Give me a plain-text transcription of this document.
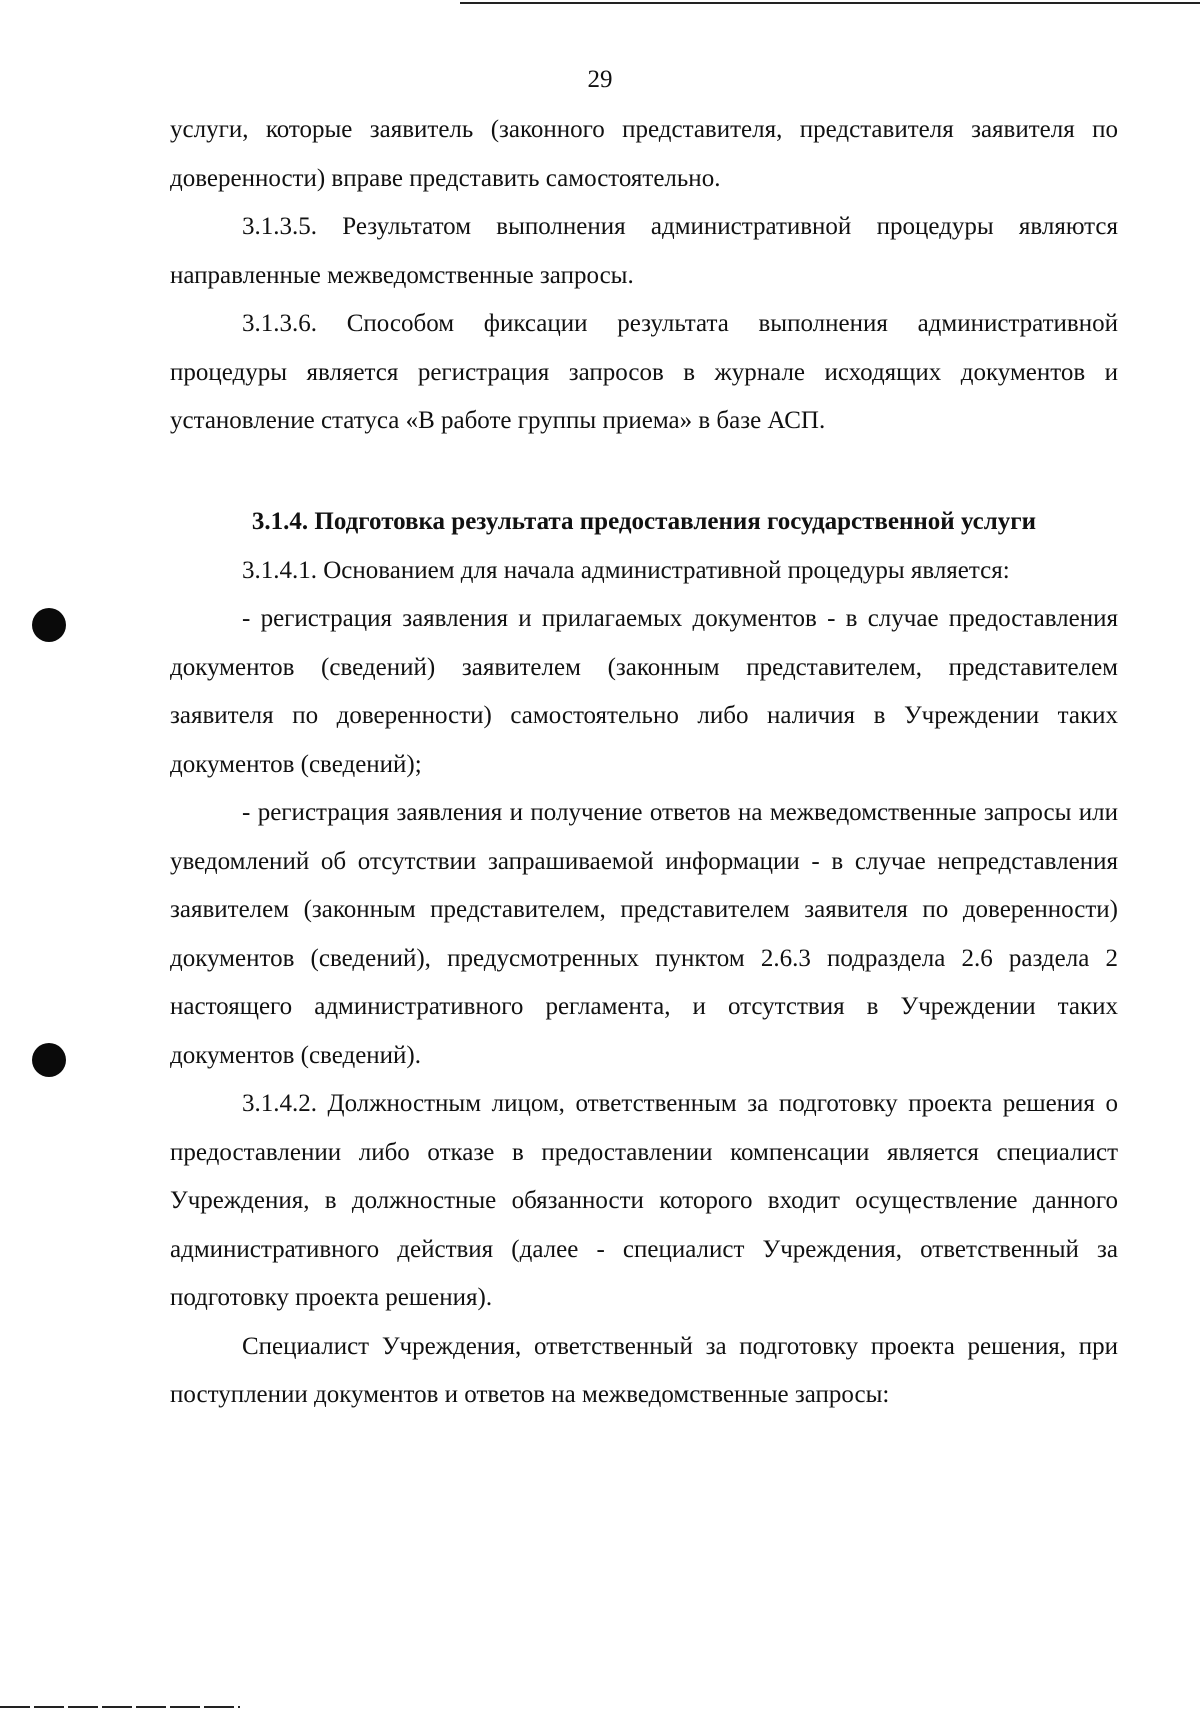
29

услуги, которые заявитель (законного представителя, представителя заявителя по доверенности) вправе представить самостоятельно.

3.1.3.5. Результатом выполнения административной процедуры являются направленные межведомственные запросы.

3.1.3.6. Способом фиксации результата выполнения административной процедуры является регистрация запросов в журнале исходящих документов и установление статуса «В работе группы приема» в базе АСП.

3.1.4. Подготовка результата предоставления государственной услуги

3.1.4.1. Основанием для начала административной процедуры является:

- регистрация заявления и прилагаемых документов - в случае предоставления документов (сведений) заявителем (законным представителем, представителем заявителя по доверенности) самостоятельно либо наличия в Учреждении таких документов (сведений);

- регистрация заявления и получение ответов на межведомственные запросы или уведомлений об отсутствии запрашиваемой информации - в случае непредставления заявителем (законным представителем, представителем заявителя по доверенности) документов (сведений), предусмотренных пунктом 2.6.3 подраздела 2.6 раздела 2 настоящего административного регламента, и отсутствия в Учреждении таких документов (сведений).

3.1.4.2. Должностным лицом, ответственным за подготовку проекта решения о предоставлении либо отказе в предоставлении компенсации является специалист Учреждения, в должностные обязанности которого входит осуществление данного административного действия (далее - специалист Учреждения, ответственный за подготовку проекта решения).

Специалист Учреждения, ответственный за подготовку проекта решения, при поступлении документов и ответов на межведомственные запросы:
